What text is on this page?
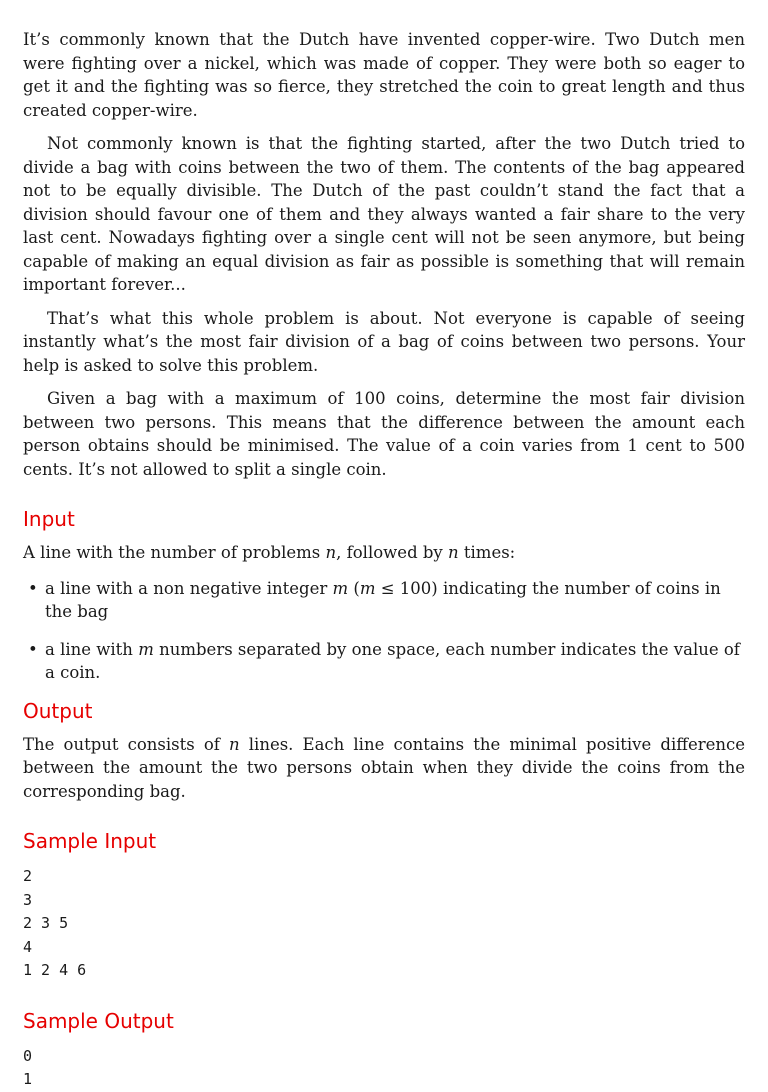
It’s commonly known that the Dutch have invented copper-wire. Two Dutch men were fighting over a nickel, which was made of copper. They were both so eager to get it and the fighting was so fierce, they stretched the coin to great length and thus created copper-wire.

Not commonly known is that the fighting started, after the two Dutch tried to divide a bag with coins between the two of them. The contents of the bag appeared not to be equally divisible. The Dutch of the past couldn’t stand the fact that a division should favour one of them and they always wanted a fair share to the very last cent. Nowadays fighting over a single cent will not be seen anymore, but being capable of making an equal division as fair as possible is something that will remain important forever...

That’s what this whole problem is about. Not everyone is capable of seeing instantly what’s the most fair division of a bag of coins between two persons. Your help is asked to solve this problem.

Given a bag with a maximum of 100 coins, determine the most fair division between two persons. This means that the difference between the amount each person obtains should be minimised. The value of a coin varies from 1 cent to 500 cents. It’s not allowed to split a single coin.

Input

A line with the number of problems n, followed by n times:

• a line with a non negative integer m (m ≤ 100) indicating the number of coins in the bag
• a line with m numbers separated by one space, each number indicates the value of a coin.
Output

The output consists of n lines. Each line contains the minimal positive difference between the amount the two persons obtain when they divide the coins from the corresponding bag.

Sample Input
2
3
2 3 5
4
1 2 4 6
Sample Output
0
1
